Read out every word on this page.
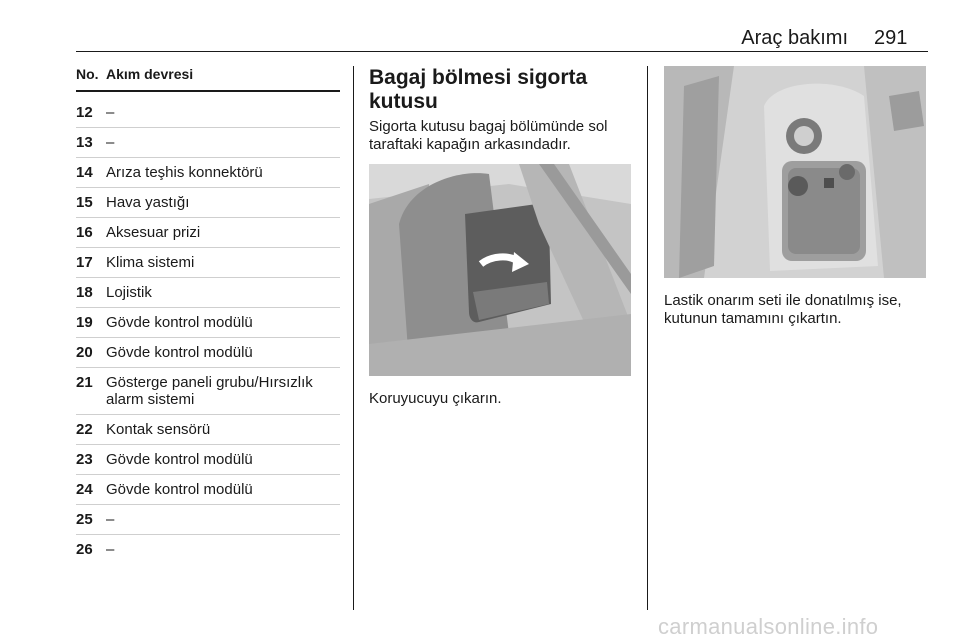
Araç bakımı 291
No. Akım devresi
12 –
13 –
14 Arıza teşhis konnektörü
15 Hava yastığı
16 Aksesuar prizi
17 Klima sistemi
18 Lojistik
19 Gövde kontrol modülü
20 Gövde kontrol modülü
21 Gösterge paneli grubu/Hırsızlık alarm sistemi
22 Kontak sensörü
23 Gövde kontrol modülü
24 Gövde kontrol modülü
25 –
26 –
Bagaj bölmesi sigorta kutusu

Sigorta kutusu bagaj bölümünde sol taraftaki kapağın arkasındadır.

Koruyucuyu çıkarın.

Lastik onarım seti ile donatılmış ise, kutunun tamamını çıkartın.

carmanualsonline.info
